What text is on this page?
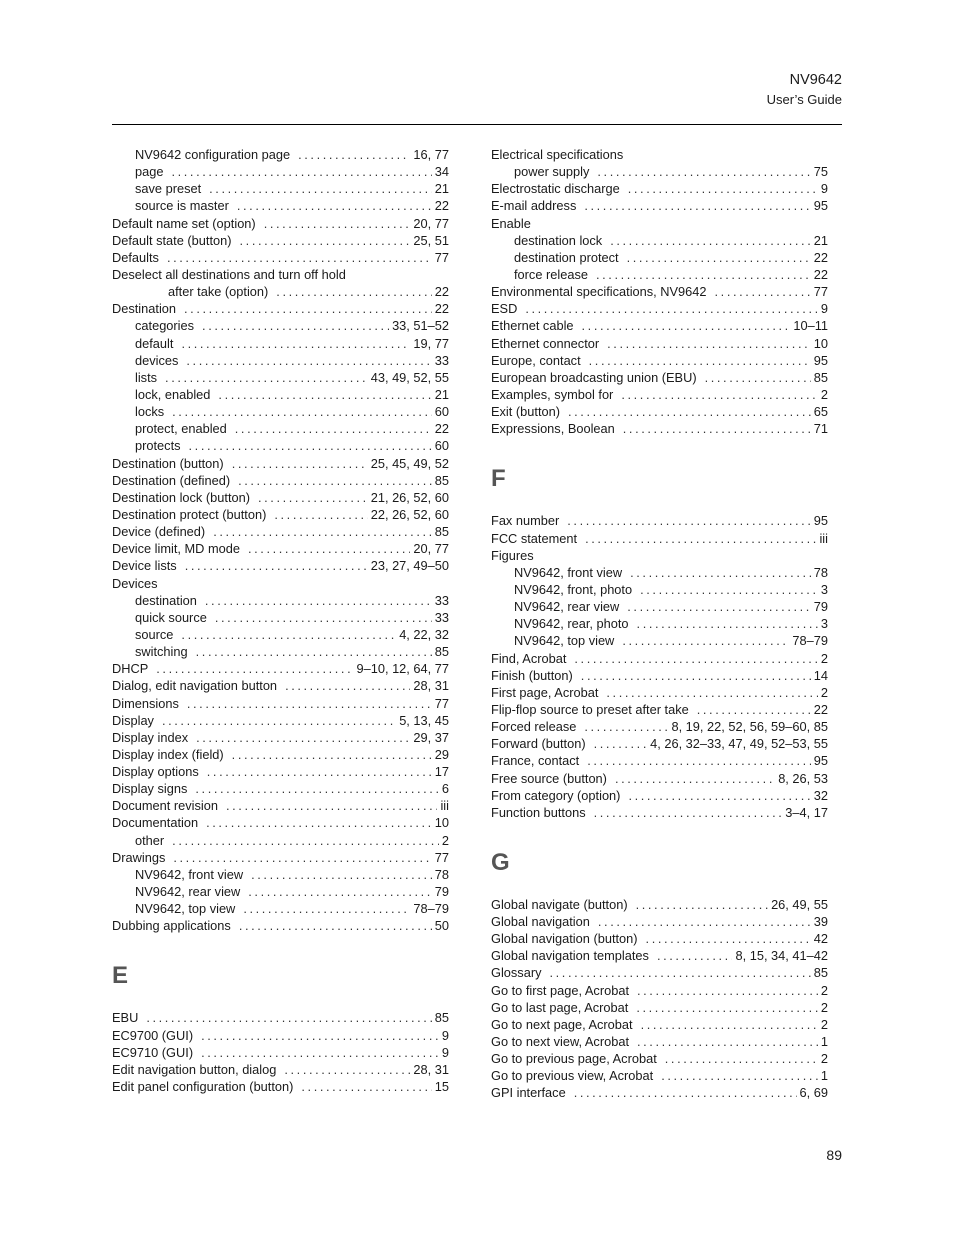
NV9642
User’s Guide
NV9642 configuration page .....	16, 77
page .....	34
save preset .....	21
source is master .....	22
Default name set (option) .....	20, 77
Default state (button) .....	25, 51
Defaults .....	77
Deselect all destinations and turn off hold
after take (option) .....	22
Destination .....	22
categories .....	33, 51–52
default .....	19, 77
devices .....	33
lists .....	43, 49, 52, 55
lock, enabled .....	21
locks .....	60
protect, enabled .....	22
protects .....	60
Destination (button) .....	25, 45, 49, 52
Destination (defined) .....	85
Destination lock (button) .....	21, 26, 52, 60
Destination protect (button) .....	22, 26, 52, 60
Device (defined) .....	85
Device limit, MD mode .....	20, 77
Device lists .....	23, 27, 49–50
Devices
destination .....	33
quick source .....	33
source .....	4, 22, 32
switching .....	85
DHCP .....	9–10, 12, 64, 77
Dialog, edit navigation button .....	28, 31
Dimensions .....	77
Display .....	5, 13, 45
Display index .....	29, 37
Display index (field) .....	29
Display options .....	17
Display signs .....	6
Document revision .....	iii
Documentation .....	10
other .....	2
Drawings .....	77
NV9642, front view .....	78
NV9642, rear view .....	79
NV9642, top view .....	78–79
Dubbing applications .....	50
E
EBU .....	85
EC9700 (GUI) .....	9
EC9710 (GUI) .....	9
Edit navigation button, dialog .....	28, 31
Edit panel configuration (button) .....	15
Electrical specifications
power supply .....	75
Electrostatic discharge .....	9
E-mail address .....	95
Enable
destination lock .....	21
destination protect .....	22
force release .....	22
Environmental specifications, NV9642 .....	77
ESD .....	9
Ethernet cable .....	10–11
Ethernet connector .....	10
Europe, contact .....	95
European broadcasting union (EBU) .....	85
Examples, symbol for .....	2
Exit (button) .....	65
Expressions, Boolean .....	71
F
Fax number .....	95
FCC statement .....	iii
Figures
NV9642, front view .....	78
NV9642, front, photo .....	3
NV9642, rear view .....	79
NV9642, rear, photo .....	3
NV9642, top view .....	78–79
Find, Acrobat .....	2
Finish (button) .....	14
First page, Acrobat .....	2
Flip-flop source to preset after take .....	22
Forced release .....	8, 19, 22, 52, 56, 59–60, 85
Forward (button) .....	4, 26, 32–33, 47, 49, 52–53, 55
France, contact .....	95
Free source (button) .....	8, 26, 53
From category (option) .....	32
Function buttons .....	3–4, 17
G
Global navigate (button) .....	26, 49, 55
Global navigation .....	39
Global navigation (button) .....	42
Global navigation templates .....	8, 15, 34, 41–42
Glossary .....	85
Go to first page, Acrobat .....	2
Go to last page, Acrobat .....	2
Go to next page, Acrobat .....	2
Go to next view, Acrobat .....	1
Go to previous page, Acrobat .....	2
Go to previous view, Acrobat .....	1
GPI interface .....	6, 69
89
